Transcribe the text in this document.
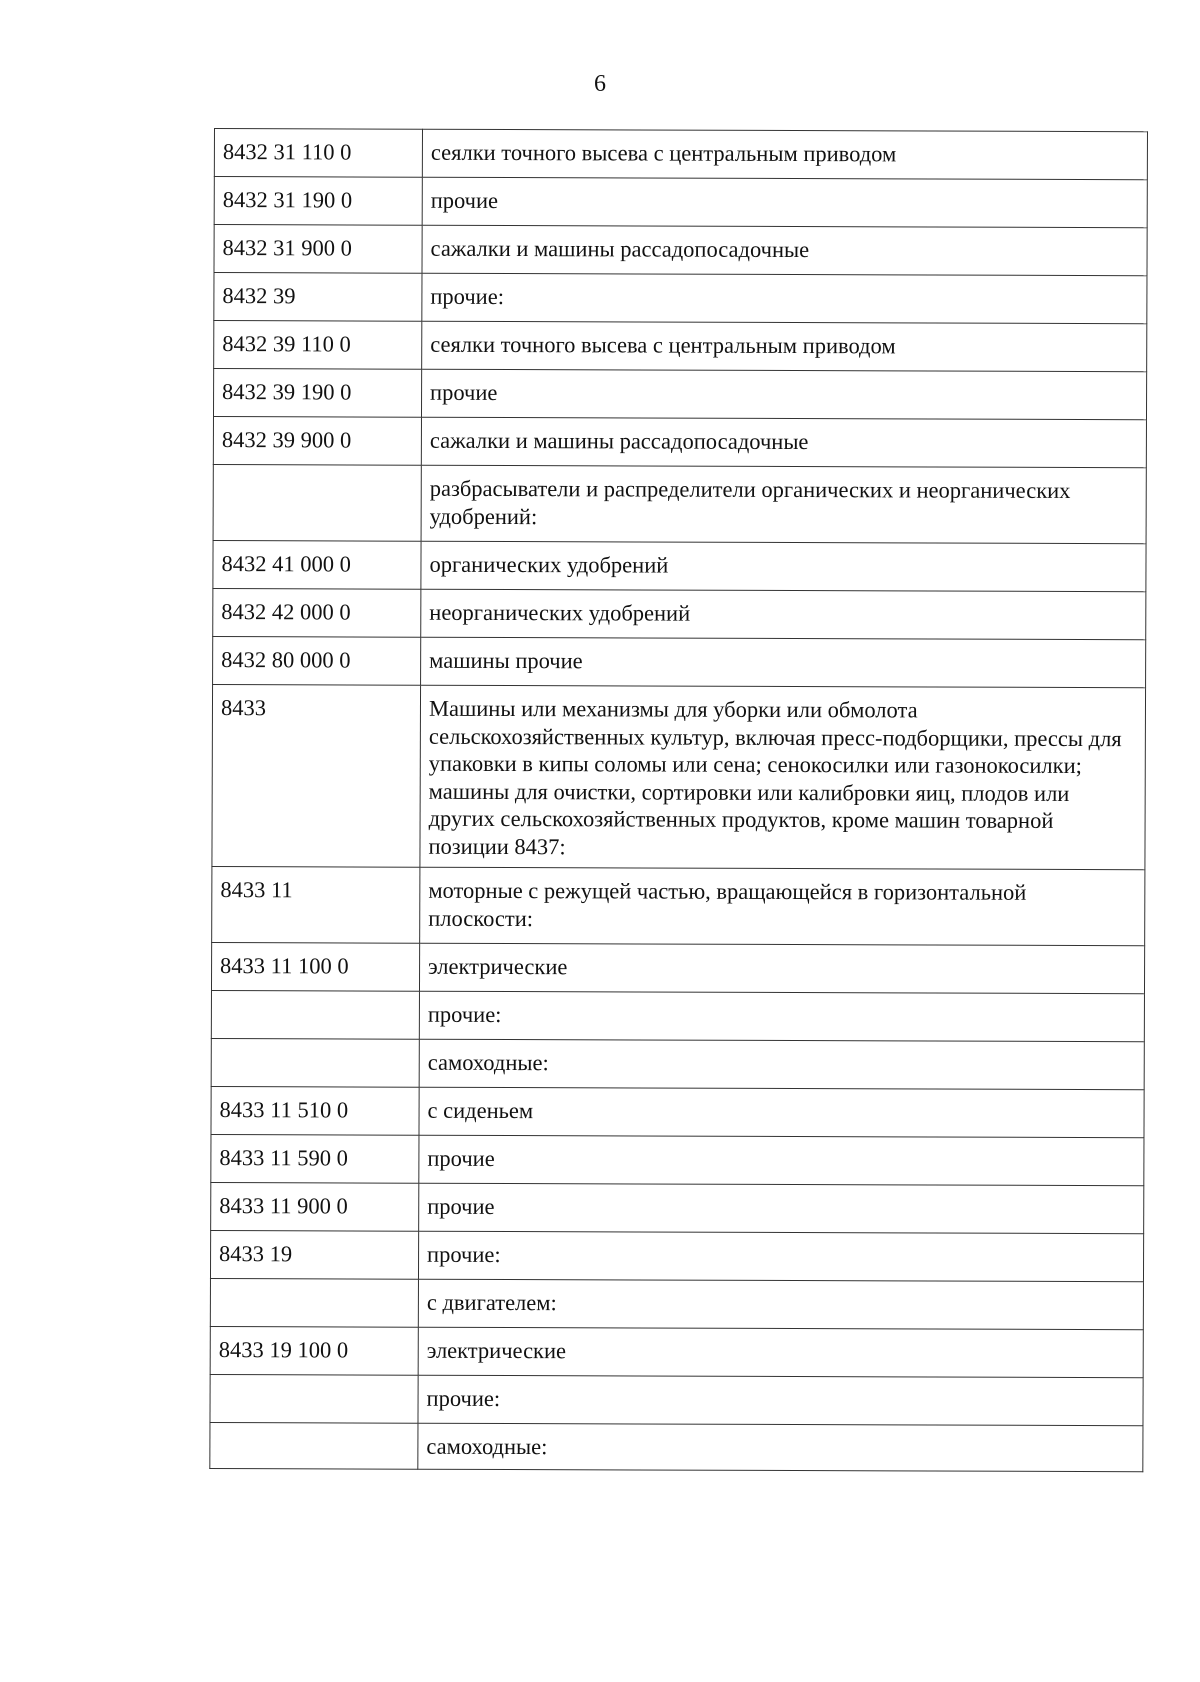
6
8432 31 110 0	сеялки точного высева с центральным приводом
8432 31 190 0	прочие
8432 31 900 0	сажалки и машины рассадопосадочные
8432 39	прочие:
8432 39 110 0	сеялки точного высева с центральным приводом
8432 39 190 0	прочие
8432 39 900 0	сажалки и машины рассадопосадочные
	разбрасыватели и распределители органических и неорганических удобрений:
8432 41 000 0	органических удобрений
8432 42 000 0	неорганических удобрений
8432 80 000 0	машины прочие
8433	Машины или механизмы для уборки или обмолота сельскохозяйственных культур, включая пресс-подборщики, прессы для упаковки в кипы соломы или сена; сенокосилки или газонокосилки; машины для очистки, сортировки или калибровки яиц, плодов или других сельскохозяйственных продуктов, кроме машин товарной позиции 8437:
8433 11	моторные с режущей частью, вращающейся в горизонтальной плоскости:
8433 11 100 0	электрические
	прочие:
	самоходные:
8433 11 510 0	с сиденьем
8433 11 590 0	прочие
8433 11 900 0	прочие
8433 19	прочие:
	с двигателем:
8433 19 100 0	электрические
	прочие:
	самоходные:
